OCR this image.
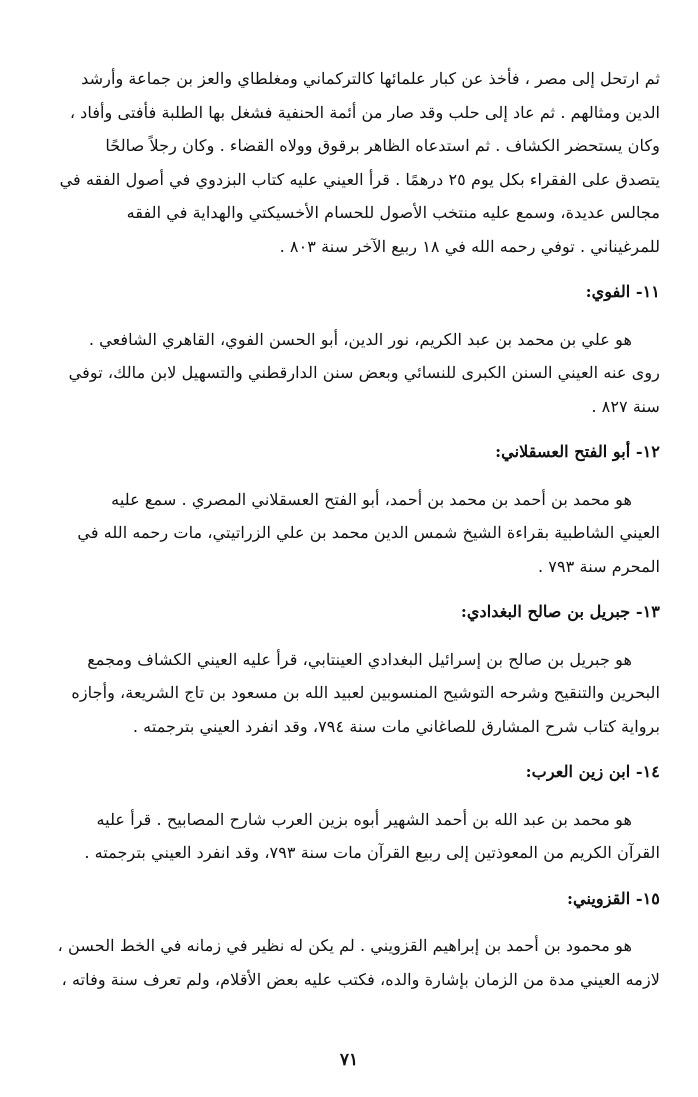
ثم ارتحل إلى مصر ، فأخذ عن كبار علمائها كالتركماني ومغلطاي والعز بن جماعة وأرشد
الدين ومثالهم . ثم عاد إلى حلب وقد صار من أئمة الحنفية فشغل بها الطلبة فأفتى وأفاد ،
وكان يستحضر الكشاف . ثم استدعاه الظاهر برقوق وولاه القضاء . وكان رجلاً صالحًا
يتصدق على الفقراء بكل يوم ٢٥ درهمًا . قرأ العيني عليه كتاب البزدوي في أصول الفقه في
مجالس عديدة، وسمع عليه منتخب الأصول للحسام الأخسيكتي والهداية في الفقه
للمرغيناني . توفي رحمه الله في ١٨ ربيع الآخر سنة ٨٠٣ .

١١- الفوي:

هو علي بن محمد بن عبد الكريم، نور الدين، أبو الحسن الفوي، القاهري الشافعي .
روى عنه العيني السنن الكبرى للنسائي وبعض سنن الدارقطني والتسهيل لابن مالك، توفي
سنة ٨٢٧ .

١٢- أبو الفتح العسقلاني:

هو محمد بن أحمد بن محمد بن أحمد، أبو الفتح العسقلاني المصري . سمع عليه
العيني الشاطبية بقراءة الشيخ شمس الدين محمد بن علي الزراتيتي، مات رحمه الله في
المحرم سنة ٧٩٣ .

١٣- جبريل بن صالح البغدادي:

هو جبريل بن صالح بن إسرائيل البغدادي العينتابي، قرأ عليه العيني الكشاف ومجمع
البحرين والتنقيح وشرحه التوشيح المنسوبين لعبيد الله بن مسعود بن تاج الشريعة، وأجازه
برواية كتاب شرح المشارق للصاغاني مات سنة ٧٩٤، وقد انفرد العيني بترجمته .

١٤- ابن زين العرب:

هو محمد بن عبد الله بن أحمد الشهير أبوه بزين العرب شارح المصابيح . قرأ عليه
القرآن الكريم من المعوذتين إلى ربيع القرآن مات سنة ٧٩٣، وقد انفرد العيني بترجمته .

١٥- القزويني:

هو محمود بن أحمد بن إبراهيم القزويني . لم يكن له نظير في زمانه في الخط الحسن ،
لازمه العيني مدة من الزمان بإشارة والده، فكتب عليه بعض الأقلام، ولم تعرف سنة وفاته ،

٧١
